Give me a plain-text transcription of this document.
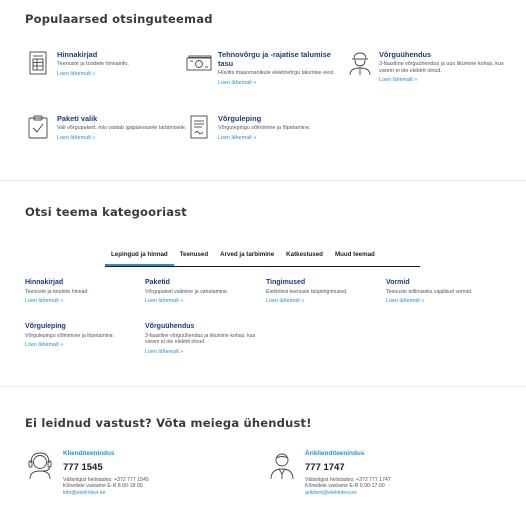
Populaarsed otsinguteemad
Hinnakirjad

Teenuste ja toodete hinnainfo.

Loen lähemalt »
Tehnovõrgu ja -rajatise talumise tasu

Hüvitis maaomanikule elektrivõrgu talumise eest.

Loen lähemalt »
Võrguühendus

3-faasiline võrguühendus ja uus liitumine kohas, kus varem ei ole elektrit olnud.

Loen lähemalt »
Paketi valik

Vali võrgupakett, mis vastab igapäevasele tarbimisele.

Loen lähemalt »
Võrguleping

Võrgulepingu sõlmimine ja lõpetamine.

Loen lähemalt »
Otsi teema kategooriast
Lepingud ja hinnad	Teenused	Arved ja tarbimine	Katkestused	Muud teemad
Hinnakirjad

Teenuste ja toodete hinnad.

Loen lähemalt »
Paketid

Võrgupaketi valimine ja vahetamine.

Loen lähemalt »
Tingimused

Elektrilevi teenuste tüüptingimused.

Loen lähemalt »
Vormid

Teenuste tellimiseks vajalikud vormid.

Loen lähemalt »
Võrguleping

Võrgulepingu sõlmimine ja lõpetamine.

Loen lähemalt »
Võrguühendus

3-faasiline võrguühendus ja liitumine kohas, kus varem ei ole elektrit olnud.

Loen lähemalt »
Ei leidnud vastust? Võta meiega ühendust!
Klienditeenindus
777 1545
Välisriigist helistades: +372 777 1545
Kõnedele vastame E-R 8.00-18.00
info@elektrilevi.ee
Äriklienditeenindus
777 1747
Välisriigist helistades: +372 777 1747
Kõnedele vastame E-R 9.00-17.00
ariklient@elektrilevi.ee
